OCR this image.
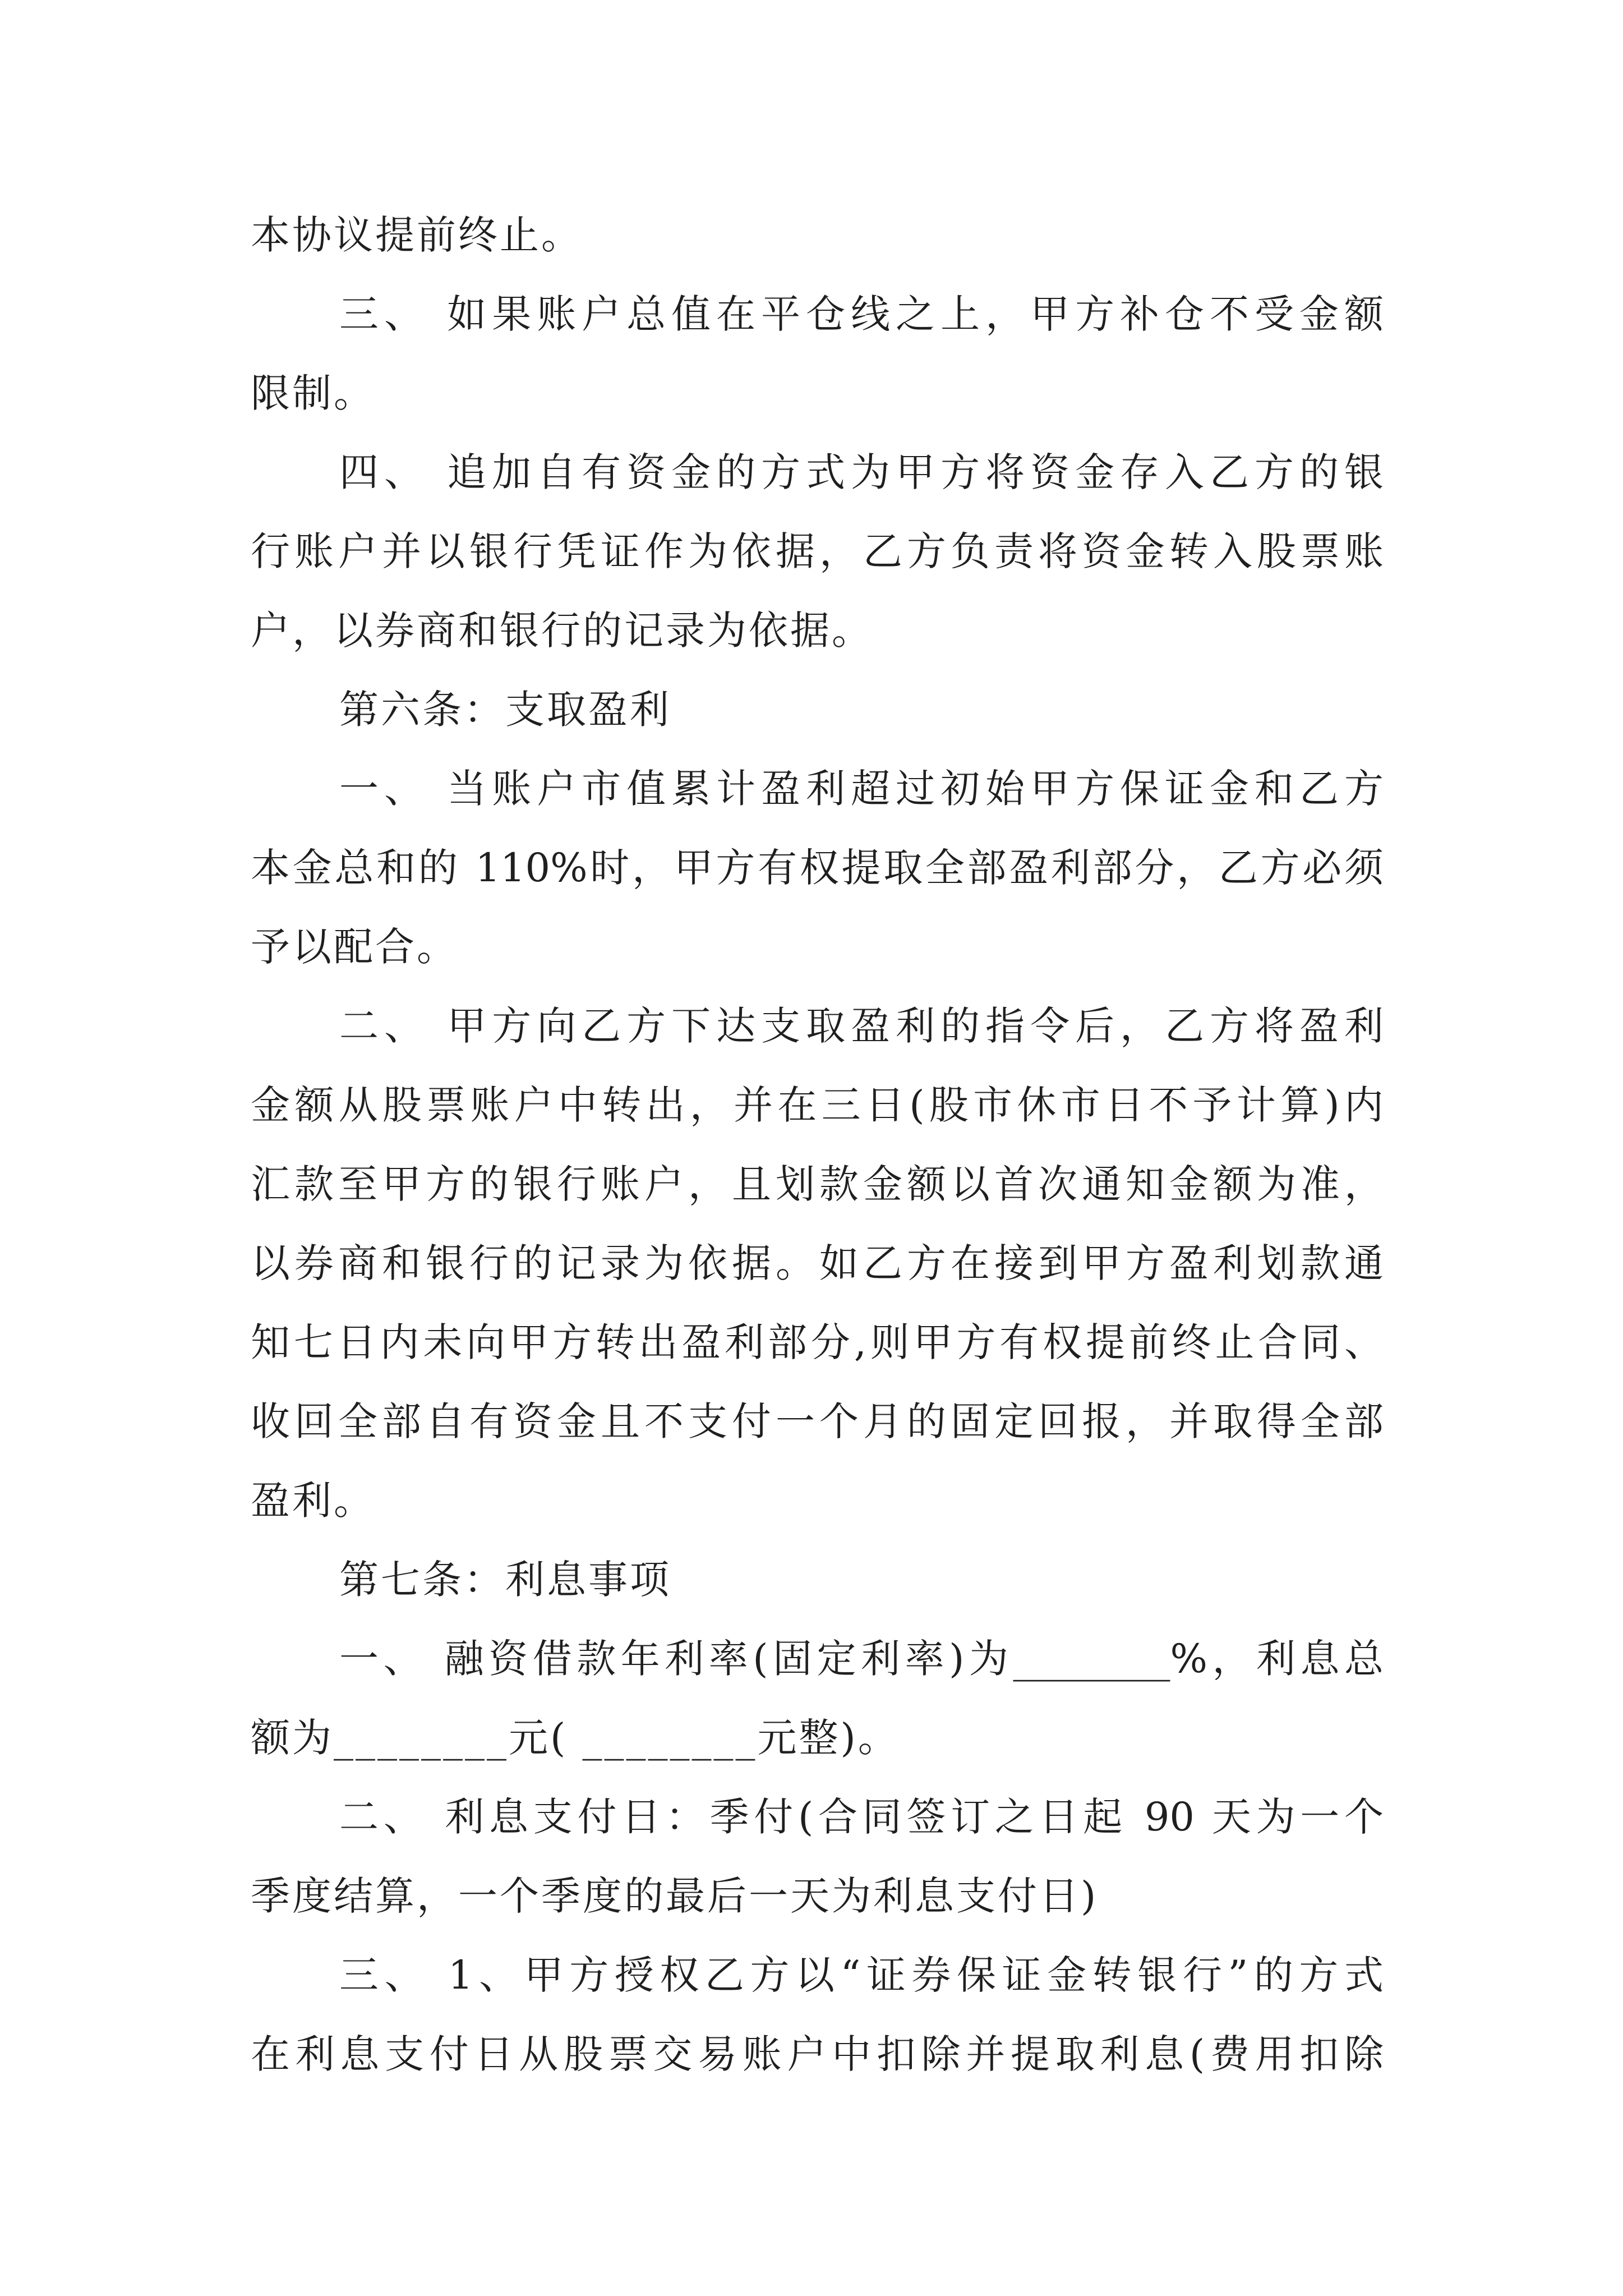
本协议提前终止。

三、 如果账户总值在平仓线之上，甲方补仓不受金额

限制。

四、 追加自有资金的方式为甲方将资金存入乙方的银

行账户并以银行凭证作为依据，乙方负责将资金转入股票账

户，以券商和银行的记录为依据。

第六条：支取盈利

一、 当账户市值累计盈利超过初始甲方保证金和乙方

本金总和的 110%时，甲方有权提取全部盈利部分，乙方必须

予以配合。

二、 甲方向乙方下达支取盈利的指令后，乙方将盈利

金额从股票账户中转出，并在三日(股市休市日不予计算)内

汇款至甲方的银行账户，且划款金额以首次通知金额为准，

以券商和银行的记录为依据。如乙方在接到甲方盈利划款通

知七日内未向甲方转出盈利部分,则甲方有权提前终止合同、

收回全部自有资金且不支付一个月的固定回报，并取得全部

盈利。

第七条：利息事项

一、 融资借款年利率(固定利率)为________%，利息总

额为________元( ________元整)。

二、 利息支付日：季付(合同签订之日起 90 天为一个

季度结算，一个季度的最后一天为利息支付日)

三、 1、甲方授权乙方以“证券保证金转银行”的方式

在利息支付日从股票交易账户中扣除并提取利息(费用扣除
